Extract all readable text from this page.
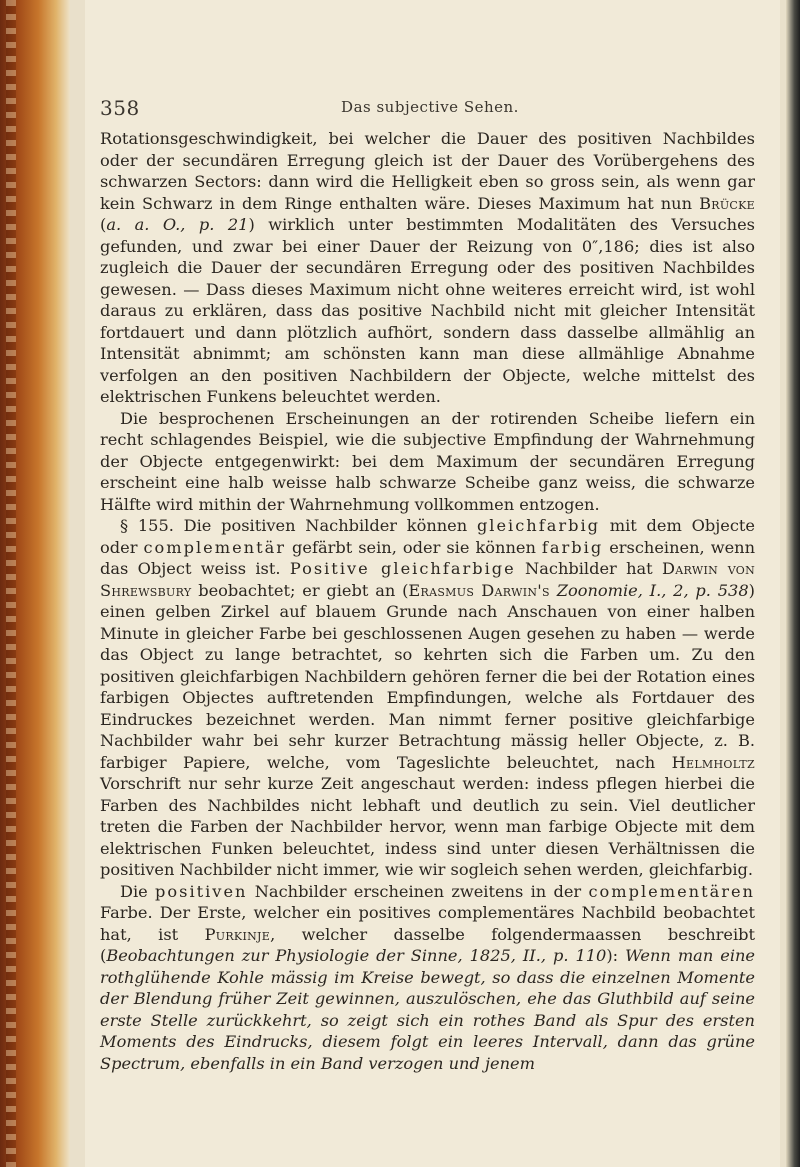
358	Das subjective Sehen.

Rotationsgeschwindigkeit, bei welcher die Dauer des positiven Nachbildes oder der secundären Erregung gleich ist der Dauer des Vorübergehens des schwarzen Sectors: dann wird die Helligkeit eben so gross sein, als wenn gar kein Schwarz in dem Ringe enthalten wäre. Dieses Maximum hat nun Brücke (a. a. O., p. 21) wirklich unter bestimmten Modalitäten des Versuches gefunden, und zwar bei einer Dauer der Reizung von 0″,186; dies ist also zugleich die Dauer der secundären Erregung oder des positiven Nachbildes gewesen. — Dass dieses Maximum nicht ohne weiteres erreicht wird, ist wohl daraus zu erklären, dass das positive Nachbild nicht mit gleicher Intensität fortdauert und dann plötzlich aufhört, sondern dass dasselbe allmählig an Intensität abnimmt; am schönsten kann man diese allmählige Abnahme verfolgen an den positiven Nachbildern der Objecte, welche mittelst des elektrischen Funkens beleuchtet werden.

Die besprochenen Erscheinungen an der rotirenden Scheibe liefern ein recht schlagendes Beispiel, wie die subjective Empfindung der Wahrnehmung der Objecte entgegenwirkt: bei dem Maximum der secundären Erregung erscheint eine halb weisse halb schwarze Scheibe ganz weiss, die schwarze Hälfte wird mithin der Wahrnehmung vollkommen entzogen.

§ 155. Die positiven Nachbilder können gleichfarbig mit dem Objecte oder complementär gefärbt sein, oder sie können farbig erscheinen, wenn das Object weiss ist. Positive gleichfarbige Nachbilder hat Darwin von Shrewsbury beobachtet; er giebt an (Erasmus Darwin's Zoonomie, I., 2, p. 538) einen gelben Zirkel auf blauem Grunde nach Anschauen von einer halben Minute in gleicher Farbe bei geschlossenen Augen gesehen zu haben — werde das Object zu lange betrachtet, so kehrten sich die Farben um. Zu den positiven gleichfarbigen Nachbildern gehören ferner die bei der Rotation eines farbigen Objectes auftretenden Empfindungen, welche als Fortdauer des Eindruckes bezeichnet werden. Man nimmt ferner positive gleichfarbige Nachbilder wahr bei sehr kurzer Betrachtung mässig heller Objecte, z. B. farbiger Papiere, welche, vom Tageslichte beleuchtet, nach Helmholtz Vorschrift nur sehr kurze Zeit angeschaut werden: indess pflegen hierbei die Farben des Nachbildes nicht lebhaft und deutlich zu sein. Viel deutlicher treten die Farben der Nachbilder hervor, wenn man farbige Objecte mit dem elektrischen Funken beleuchtet, indess sind unter diesen Verhältnissen die positiven Nachbilder nicht immer, wie wir sogleich sehen werden, gleichfarbig.

Die positiven Nachbilder erscheinen zweitens in der complementären Farbe. Der Erste, welcher ein positives complementäres Nachbild beobachtet hat, ist Purkinje, welcher dasselbe folgendermaassen beschreibt (Beobachtungen zur Physiologie der Sinne, 1825, II., p. 110): Wenn man eine rothglühende Kohle mässig im Kreise bewegt, so dass die einzelnen Momente der Blendung früher Zeit gewinnen, auszulöschen, ehe das Gluthbild auf seine erste Stelle zurückkehrt, so zeigt sich ein rothes Band als Spur des ersten Moments des Eindrucks, diesem folgt ein leeres Intervall, dann das grüne Spectrum, ebenfalls in ein Band verzogen und jenem
